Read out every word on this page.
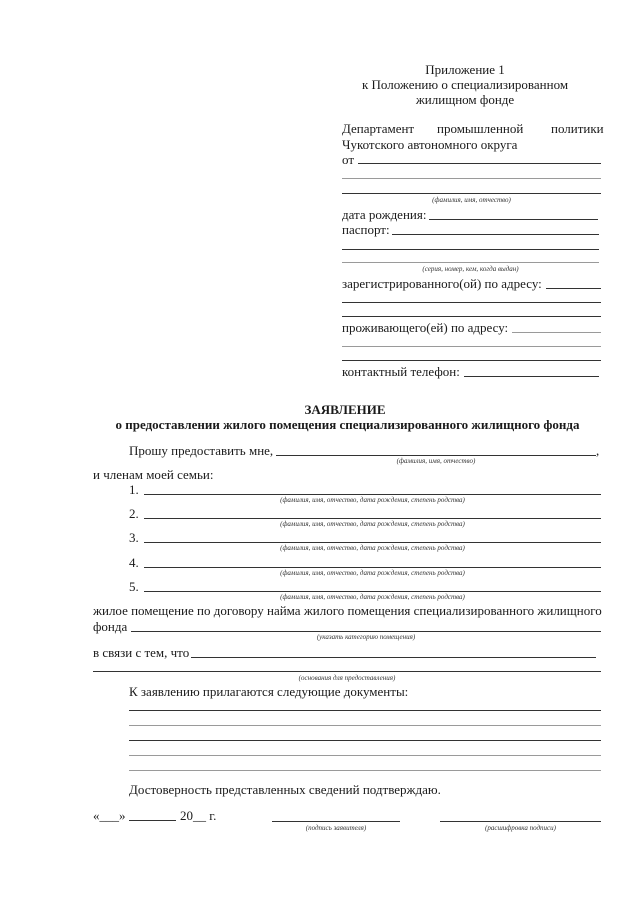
Приложение 1
к Положению о специализированном
жилищном фонде
Департамент промышленной политики
Чукотского автономного округа
от
(фамилия, имя, отчество)
дата рождения:
паспорт:
(серия, номер, кем, когда выдан)
зарегистрированного(ой) по адресу:
проживающего(ей) по адресу:
контактный телефон:
ЗАЯВЛЕНИЕ
о предоставлении жилого помещения специализированного жилищного фонда
Прошу предоставить мне,	,
(фамилия, имя, отчество)
и членам моей семьи:
1.
(фамилия, имя, отчество, дата рождения, степень родства)
2.
(фамилия, имя, отчество, дата рождения, степень родства)
3.
(фамилия, имя, отчество, дата рождения, степень родства)
4.
(фамилия, имя, отчество, дата рождения, степень родства)
5.
(фамилия, имя, отчество, дата рождения, степень родства)
жилое помещение по договору найма жилого помещения специализированного жилищного
фонда
(указать категорию помещения)
в связи с тем, что
(основания для предоставления)
К заявлению прилагаются следующие документы:
Достоверность представленных сведений подтверждаю.
«___»	20__ г.
(подпись заявителя)	(расшифровка подписи)
